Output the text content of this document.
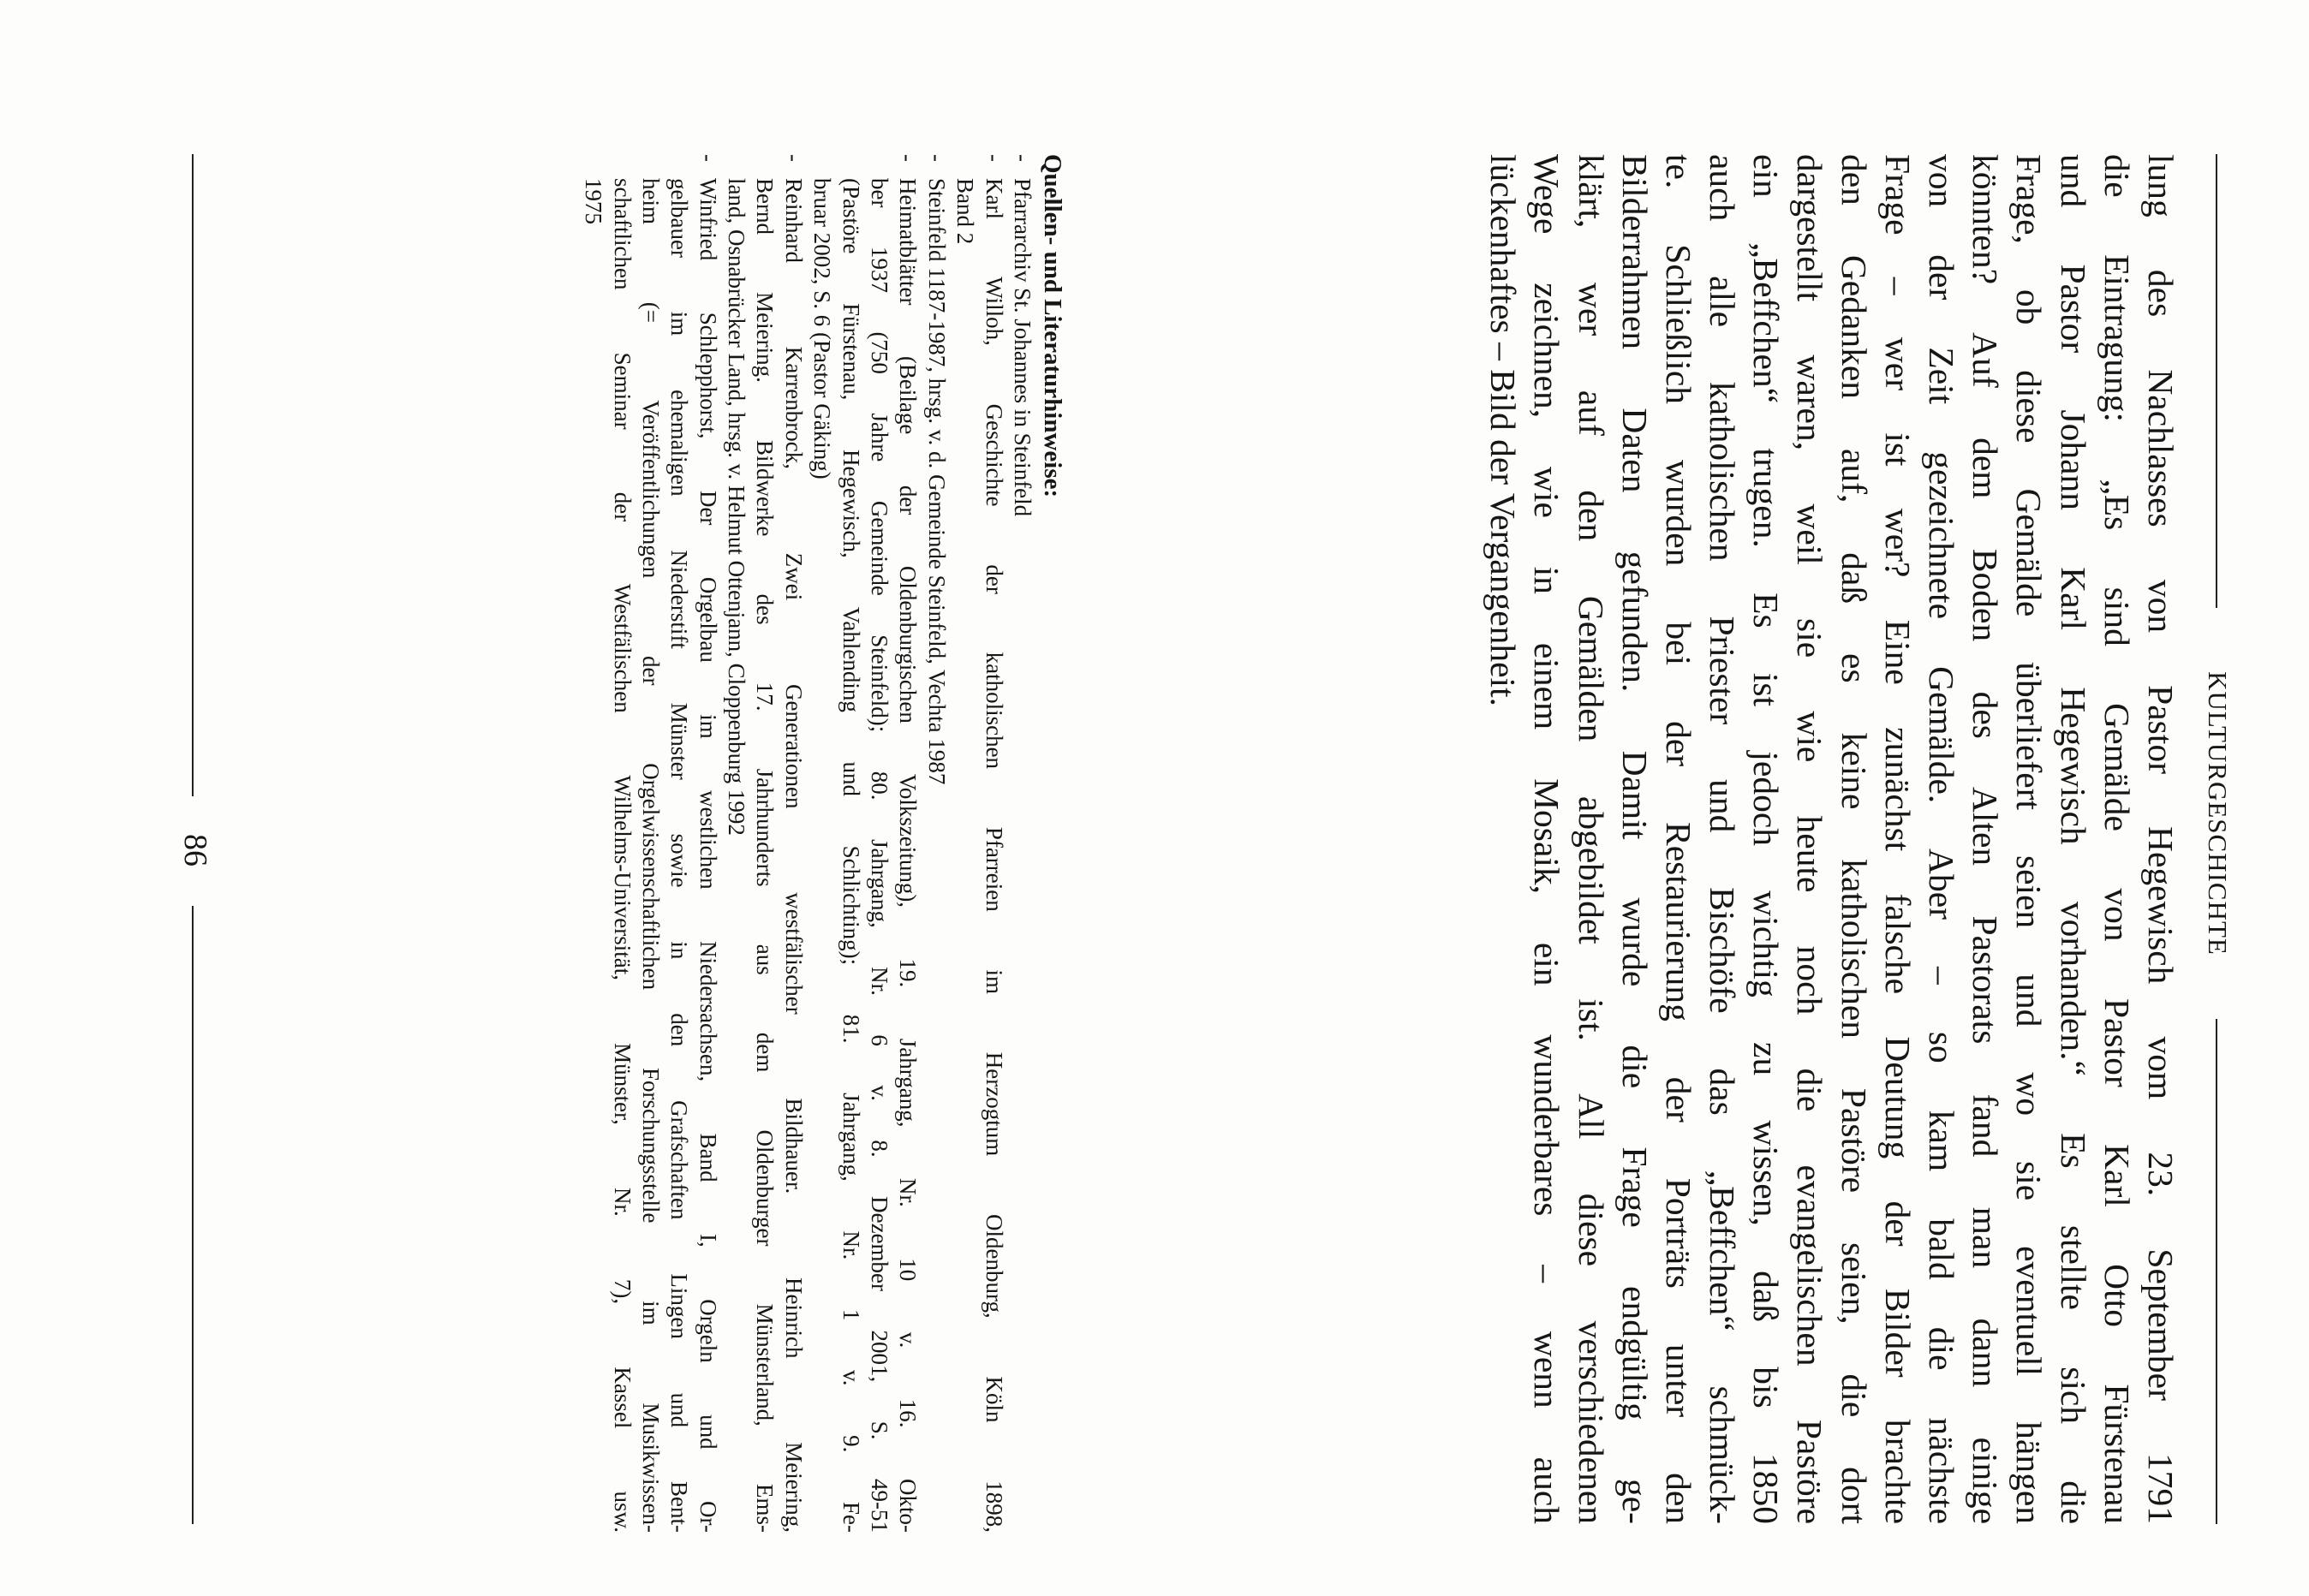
KULTURGESCHICHTE
lung des Nachlasses von Pastor Hegewisch vom 23. September 1791
die Eintragung: „Es sind Gemälde von Pastor Karl Otto Fürstenau
und Pastor Johann Karl Hegewisch vorhanden.“ Es stellte sich die
Frage, ob diese Gemälde überliefert seien und wo sie eventuell hängen
könnten? Auf dem Boden des Alten Pastorats fand man dann einige
von der Zeit gezeichnete Gemälde. Aber – so kam bald die nächste
Frage – wer ist wer? Eine zunächst falsche Deutung der Bilder brachte
den Gedanken auf, daß es keine katholischen Pastöre seien, die dort
dargestellt waren, weil sie wie heute noch die evangelischen Pastöre
ein „Beffchen“ trugen. Es ist jedoch wichtig zu wissen, daß bis 1850
auch alle katholischen Priester und Bischöfe das „Beffchen“ schmück-
te. Schließlich wurden bei der Restaurierung der Porträts unter den
Bilderrahmen Daten gefunden. Damit wurde die Frage endgültig ge-
klärt, wer auf den Gemälden abgebildet ist. All diese verschiedenen
Wege zeichnen, wie in einem Mosaik, ein wunderbares – wenn auch
lückenhaftes – Bild der Vergangenheit.
Quellen- und Literaturhinweise:
-
Pfarrarchiv St. Johannes in Steinfeld
-
Karl Willoh, Geschichte der katholischen Pfarreien im Herzogtum Oldenburg, Köln 1898,
Band 2
-
Steinfeld 1187-1987, hrsg. v. d. Gemeinde Steinfeld, Vechta 1987
-
Heimatblätter (Beilage der Oldenburgischen Volkszeitung), 19. Jahrgang, Nr. 10 v. 16. Okto-
ber 1937 (750 Jahre Gemeinde Steinfeld); 80. Jahrgang, Nr. 6 v. 8. Dezember 2001, S. 49-51
(Pastöre Fürstenau, Hegewisch, Vahlending und Schlichting); 81. Jahrgang, Nr. 1 v. 9. Fe-
bruar 2002, S. 6 (Pastor Gäking)
-
Reinhard Karrenbrock, Zwei Generationen westfälischer Bildhauer. Heinrich Meiering,
Bernd Meiering. Bildwerke des 17. Jahrhunderts aus dem Oldenburger Münsterland, Ems-
land, Osnabrücker Land, hrsg. v. Helmut Ottenjann, Cloppenburg 1992
-
Winfried Schlepphorst, Der Orgelbau im westlichen Niedersachsen, Band I, Orgeln und Or-
gelbauer im ehemaligen Niederstift Münster sowie in den Grafschaften Lingen und Bent-
heim (= Veröffentlichungen der Orgelwissenschaftlichen Forschungsstelle im Musikwissen-
schaftlichen Seminar der Westfälischen Wilhelms-Universität, Münster, Nr. 7), Kassel usw.
1975
86
